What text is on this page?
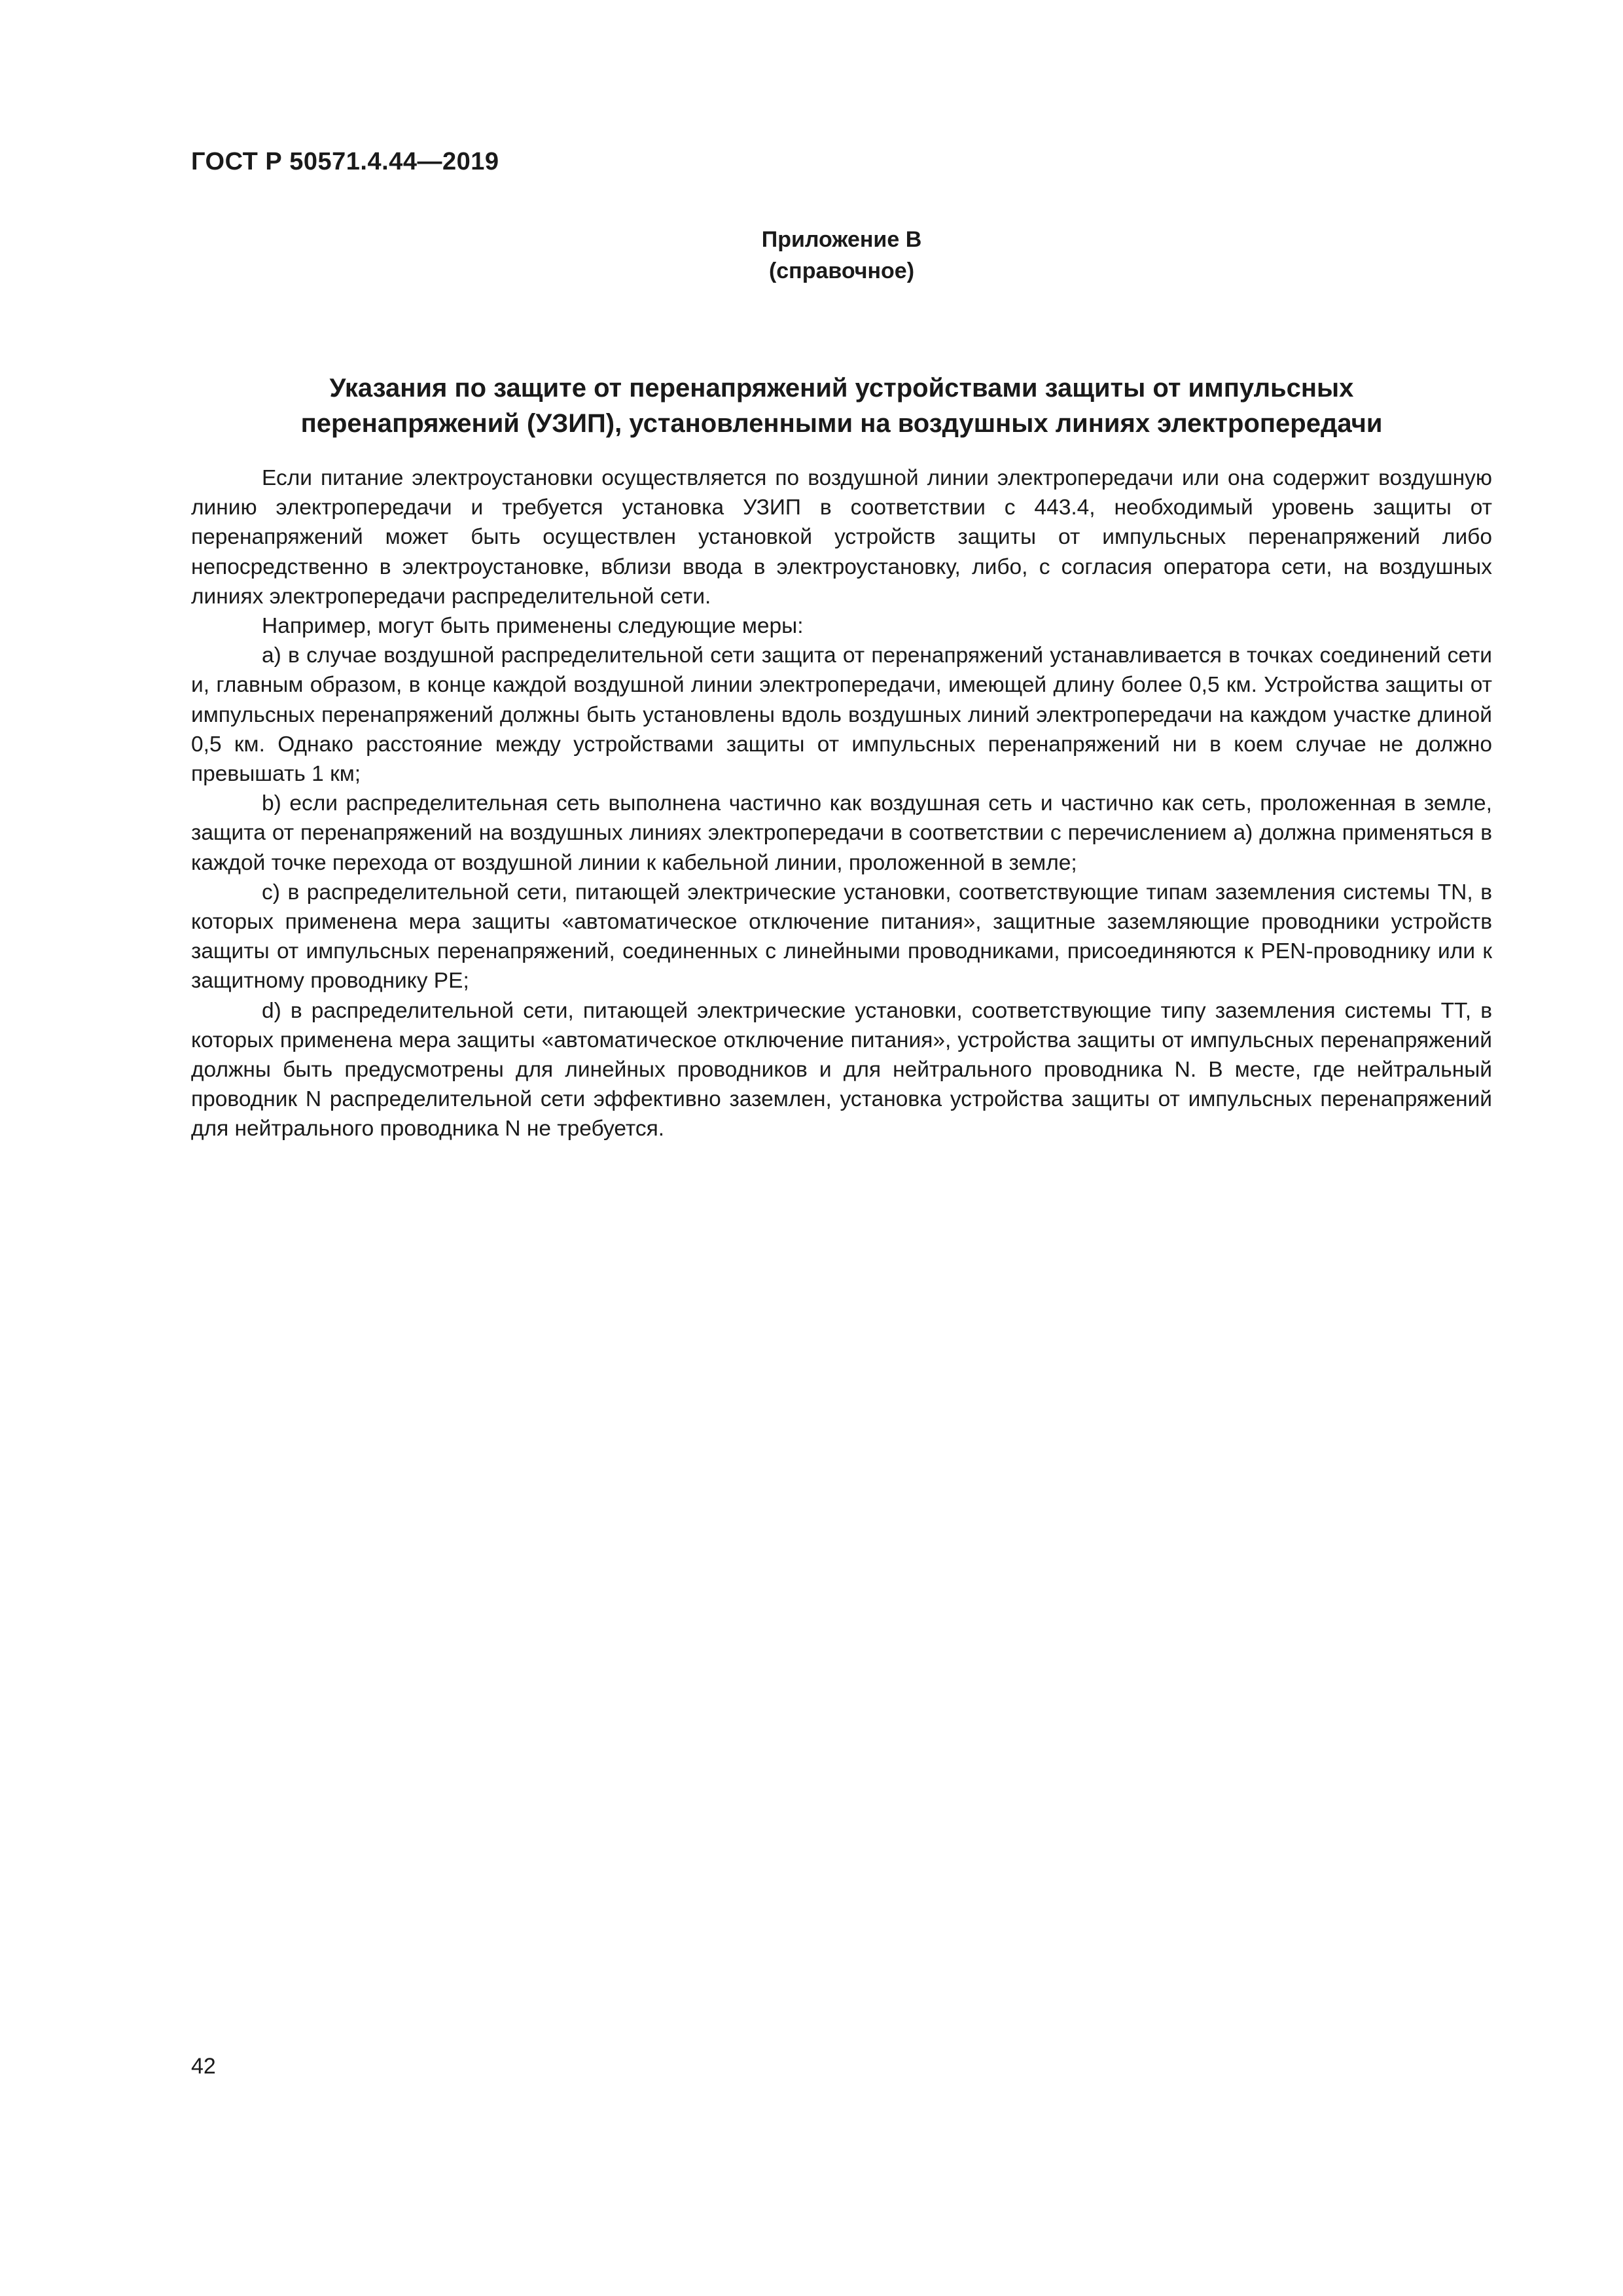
ГОСТ Р 50571.4.44—2019
Приложение В
(справочное)
Указания по защите от перенапряжений устройствами защиты от импульсных
перенапряжений (УЗИП), установленными на воздушных линиях электропередачи

Если питание электроустановки осуществляется по воздушной линии электропередачи или она содержит воздушную линию электропередачи и требуется установка УЗИП в соответствии с 443.4, необходимый уровень защиты от перенапряжений может быть осуществлен установкой устройств защиты от импульсных перенапряжений либо непосредственно в электроустановке, вблизи ввода в электроустановку, либо, с согласия оператора сети, на воздушных линиях электропередачи распределительной сети.

Например, могут быть применены следующие меры:

a) в случае воздушной распределительной сети защита от перенапряжений устанавливается в точках соединений сети и, главным образом, в конце каждой воздушной линии электропередачи, имеющей длину более 0,5 км. Устройства защиты от импульсных перенапряжений должны быть установлены вдоль воздушных линий электропередачи на каждом участке длиной 0,5 км. Однако расстояние между устройствами защиты от импульсных перенапряжений ни в коем случае не должно превышать 1 км;

b) если распределительная сеть выполнена частично как воздушная сеть и частично как сеть, проложенная в земле, защита от перенапряжений на воздушных линиях электропередачи в соответствии с перечислением а) должна применяться в каждой точке перехода от воздушной линии к кабельной линии, проложенной в земле;

c) в распределительной сети, питающей электрические установки, соответствующие типам заземления системы TN, в которых применена мера защиты «автоматическое отключение питания», защитные заземляющие проводники устройств защиты от импульсных перенапряжений, соединенных с линейными проводниками, присоединяются к PEN-проводнику или к защитному проводнику PE;

d) в распределительной сети, питающей электрические установки, соответствующие типу заземления системы TT, в которых применена мера защиты «автоматическое отключение питания», устройства защиты от импульсных перенапряжений должны быть предусмотрены для линейных проводников и для нейтрального проводника N. В месте, где нейтральный проводник N распределительной сети эффективно заземлен, установка устройства защиты от импульсных перенапряжений для нейтрального проводника N не требуется.

42
